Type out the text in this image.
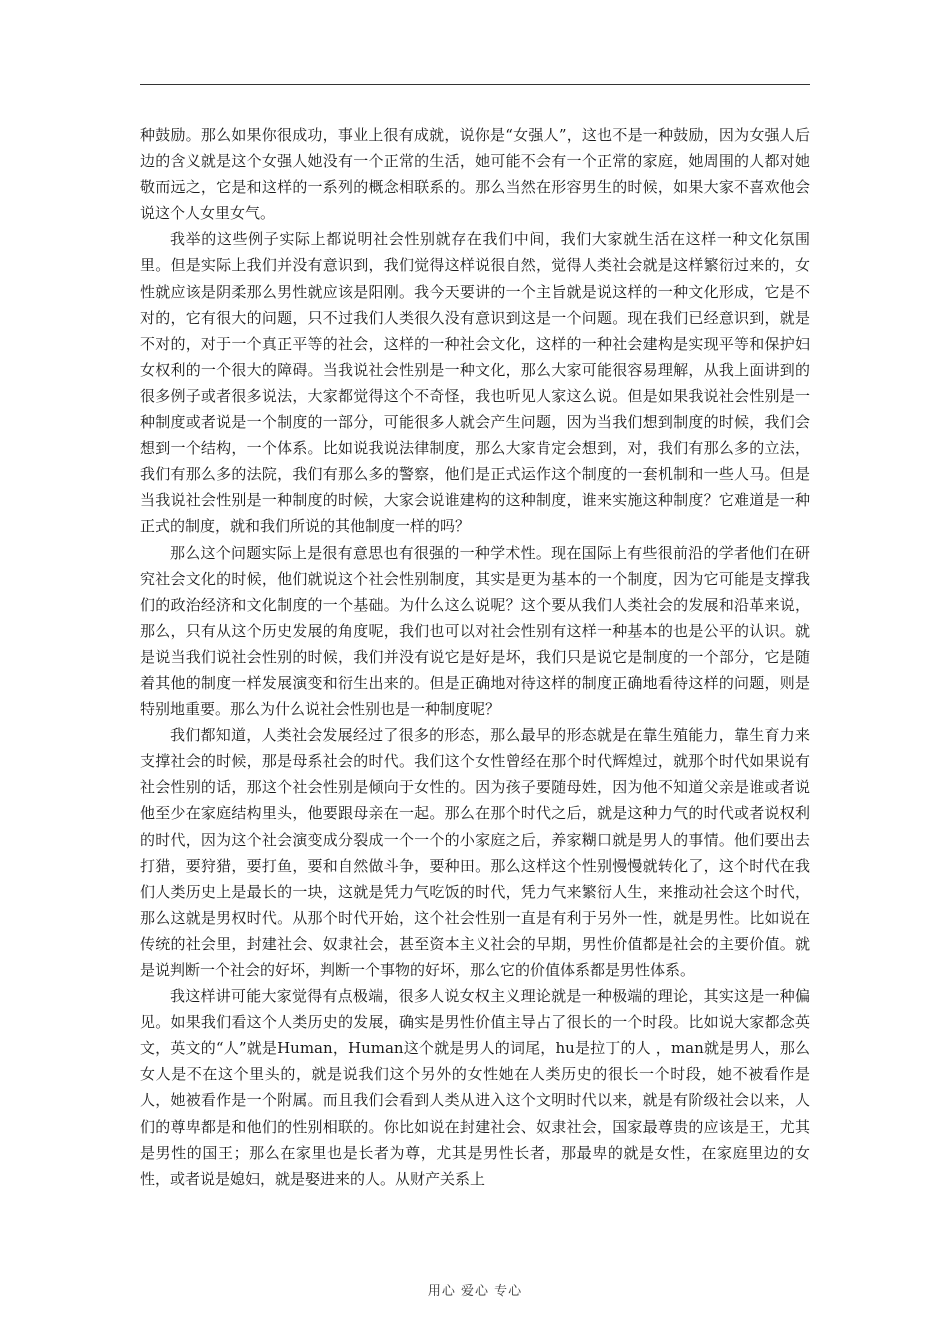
种鼓励。那么如果你很成功，事业上很有成就，说你是“女强人”，这也不是一种鼓励，因为女强人后边的含义就是这个女强人她没有一个正常的生活，她可能不会有一个正常的家庭，她周围的人都对她敬而远之，它是和这样的一系列的概念相联系的。那么当然在形容男生的时候，如果大家不喜欢他会说这个人女里女气。

我举的这些例子实际上都说明社会性别就存在我们中间，我们大家就生活在这样一种文化氛围里。但是实际上我们并没有意识到，我们觉得这样说很自然，觉得人类社会就是这样繁衍过来的，女性就应该是阴柔那么男性就应该是阳刚。我今天要讲的一个主旨就是说这样的一种文化形成，它是不对的，它有很大的问题，只不过我们人类很久没有意识到这是一个问题。现在我们已经意识到，就是不对的，对于一个真正平等的社会，这样的一种社会文化，这样的一种社会建构是实现平等和保护妇女权利的一个很大的障碍。当我说社会性别是一种文化，那么大家可能很容易理解，从我上面讲到的很多例子或者很多说法，大家都觉得这个不奇怪，我也听见人家这么说。但是如果我说社会性别是一种制度或者说是一个制度的一部分，可能很多人就会产生问题，因为当我们想到制度的时候，我们会想到一个结构，一个体系。比如说我说法律制度，那么大家肯定会想到，对，我们有那么多的立法，我们有那么多的法院，我们有那么多的警察，他们是正式运作这个制度的一套机制和一些人马。但是当我说社会性别是一种制度的时候，大家会说谁建构的这种制度，谁来实施这种制度？它难道是一种正式的制度，就和我们所说的其他制度一样的吗？

那么这个问题实际上是很有意思也有很强的一种学术性。现在国际上有些很前沿的学者他们在研究社会文化的时候，他们就说这个社会性别制度，其实是更为基本的一个制度，因为它可能是支撑我们的政治经济和文化制度的一个基础。为什么这么说呢？这个要从我们人类社会的发展和沿革来说，那么，只有从这个历史发展的角度呢，我们也可以对社会性别有这样一种基本的也是公平的认识。就是说当我们说社会性别的时候，我们并没有说它是好是坏，我们只是说它是制度的一个部分，它是随着其他的制度一样发展演变和衍生出来的。但是正确地对待这样的制度正确地看待这样的问题，则是特别地重要。那么为什么说社会性别也是一种制度呢？

我们都知道，人类社会发展经过了很多的形态，那么最早的形态就是在靠生殖能力，靠生育力来支撑社会的时候，那是母系社会的时代。我们这个女性曾经在那个时代辉煌过，就那个时代如果说有社会性别的话，那这个社会性别是倾向于女性的。因为孩子要随母姓，因为他不知道父亲是谁或者说他至少在家庭结构里头，他要跟母亲在一起。那么在那个时代之后，就是这种力气的时代或者说权利的时代，因为这个社会演变成分裂成一个一个的小家庭之后，养家糊口就是男人的事情。他们要出去打猎，要狩猎，要打鱼，要和自然做斗争，要种田。那么这样这个性别慢慢就转化了，这个时代在我们人类历史上是最长的一块，这就是凭力气吃饭的时代，凭力气来繁衍人生，来推动社会这个时代，那么这就是男权时代。从那个时代开始，这个社会性别一直是有利于另外一性，就是男性。比如说在传统的社会里，封建社会、奴隶社会，甚至资本主义社会的早期，男性价值都是社会的主要价值。就是说判断一个社会的好坏，判断一个事物的好坏，那么它的价值体系都是男性体系。

我这样讲可能大家觉得有点极端，很多人说女权主义理论就是一种极端的理论，其实这是一种偏见。如果我们看这个人类历史的发展，确实是男性价值主导占了很长的一个时段。比如说大家都念英文，英文的“人”就是Human，Human这个就是男人的词尾，hu是拉丁的人 ，man就是男人，那么女人是不在这个里头的，就是说我们这个另外的女性她在人类历史的很长一个时段，她不被看作是人，她被看作是一个附属。而且我们会看到人类从进入这个文明时代以来，就是有阶级社会以来，人们的尊卑都是和他们的性别相联的。你比如说在封建社会、奴隶社会，国家最尊贵的应该是王，尤其是男性的国王；那么在家里也是长者为尊，尤其是男性长者，那最卑的就是女性，在家庭里边的女性，或者说是媳妇，就是娶进来的人。从财产关系上

用心 爱心 专心
